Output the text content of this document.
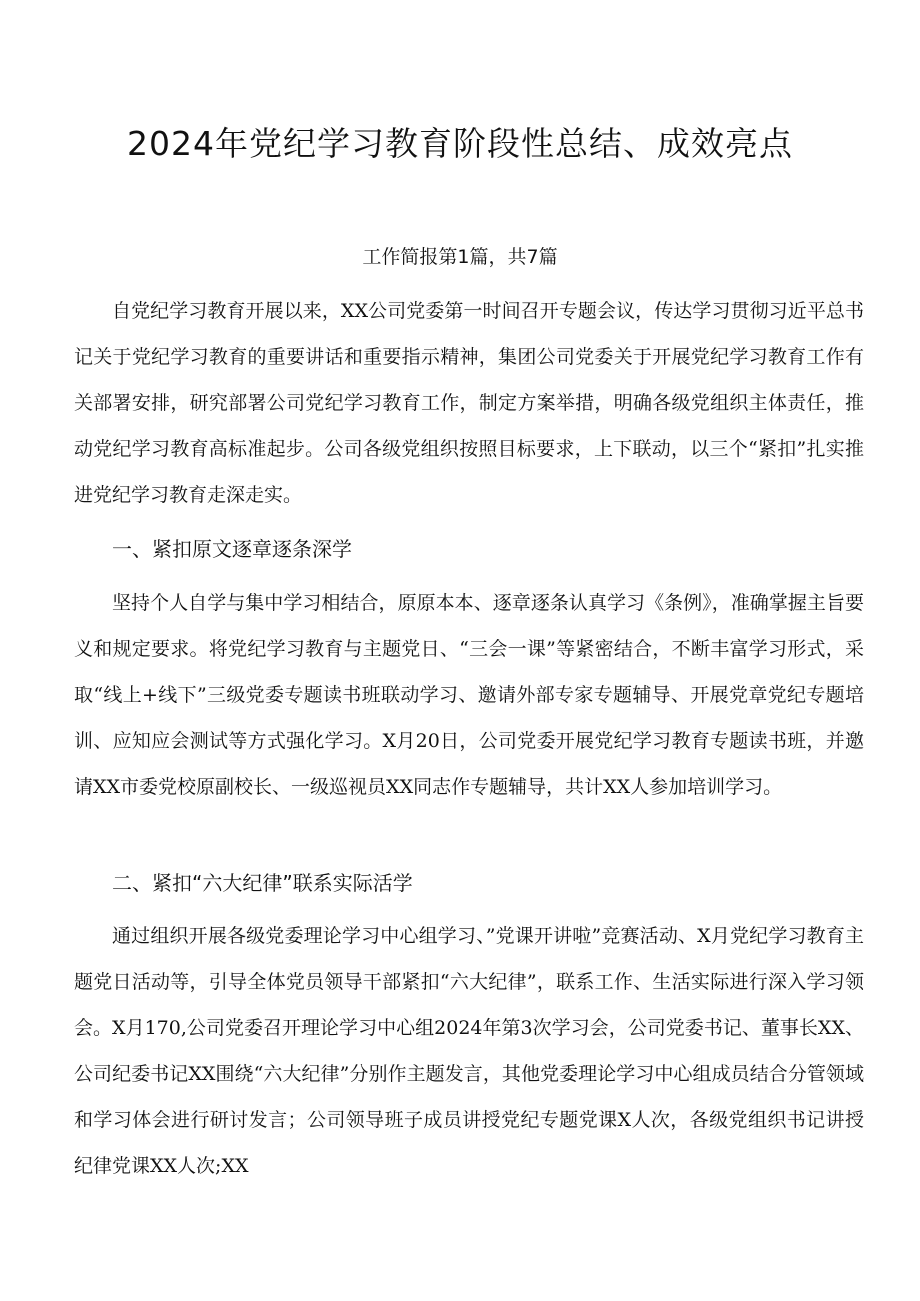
2024年党纪学习教育阶段性总结、成效亮点
工作简报第1篇，共7篇

自党纪学习教育开展以来，XX公司党委第一时间召开专题会议，传达学习贯彻习近平总书记关于党纪学习教育的重要讲话和重要指示精神，集团公司党委关于开展党纪学习教育工作有关部署安排，研究部署公司党纪学习教育工作，制定方案举措，明确各级党组织主体责任，推动党纪学习教育高标准起步。公司各级党组织按照目标要求，上下联动，以三个“紧扣”扎实推进党纪学习教育走深走实。

一、紧扣原文逐章逐条深学

坚持个人自学与集中学习相结合，原原本本、逐章逐条认真学习《条例》，准确掌握主旨要义和规定要求。将党纪学习教育与主题党日、“三会一课”等紧密结合，不断丰富学习形式，采取“线上+线下”三级党委专题读书班联动学习、邀请外部专家专题辅导、开展党章党纪专题培训、应知应会测试等方式强化学习。X月20日，公司党委开展党纪学习教育专题读书班，并邀请XX市委党校原副校长、一级巡视员XX同志作专题辅导，共计XX人参加培训学习。

二、紧扣“六大纪律”联系实际活学

通过组织开展各级党委理论学习中心组学习、”党课开讲啦”竞赛活动、X月党纪学习教育主题党日活动等，引导全体党员领导干部紧扣“六大纪律”，联系工作、生活实际进行深入学习领会。X月170,公司党委召开理论学习中心组2024年第3次学习会，公司党委书记、董事长XX、公司纪委书记XX围绕“六大纪律”分别作主题发言，其他党委理论学习中心组成员结合分管领域和学习体会进行研讨发言；公司领导班子成员讲授党纪专题党课X人次，各级党组织书记讲授纪律党课XX人次;XX
